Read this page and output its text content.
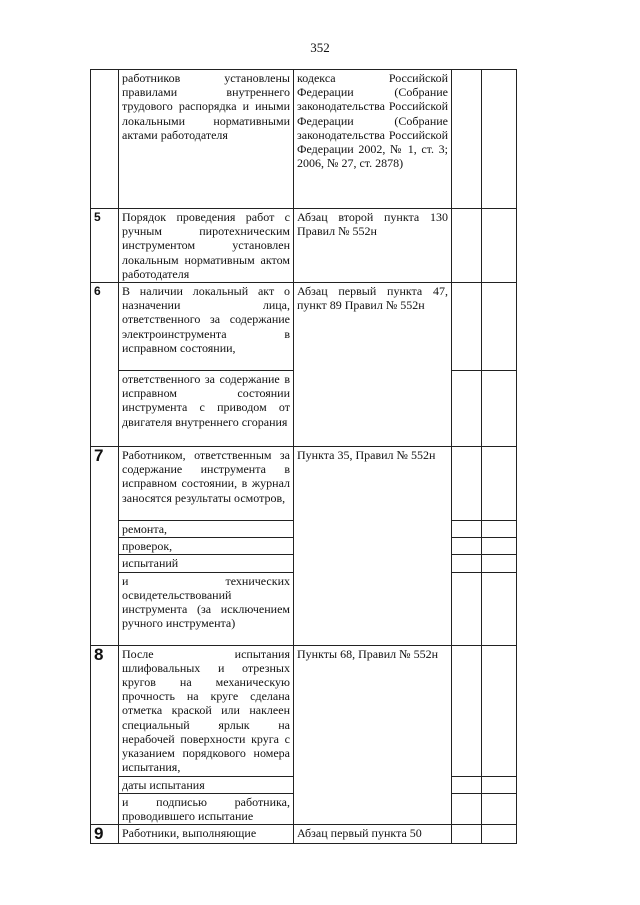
352
	работников установлены правилами внутреннего трудового распорядка и иными локальными нормативными актами работодателя	кодекса Российской Федерации (Собрание законодательства Российской Федерации (Собрание законодательства Российской Федерации 2002, № 1, ст. 3; 2006, № 27, ст. 2878)		
5	Порядок проведения работ с ручным пиротехническим инструментом установлен локальным нормативным актом работодателя	Абзац второй пункта 130 Правил № 552н		
6	В наличии локальный акт о назначении лица, ответственного за содержание электроинструмента в исправном состоянии,	Абзац первый пункта 47, пункт 89 Правил № 552н		
	ответственного за содержание в исправном состоянии инструмента с приводом от двигателя внутреннего сгорания			
7	Работником, ответственным за содержание инструмента в исправном состоянии, в журнал заносятся результаты осмотров,	Пункта 35, Правил № 552н		
	ремонта,			
	проверок,			
	испытаний			
	и технических освидетельствований инструмента (за исключением ручного инструмента)			
8	После испытания шлифовальных и отрезных кругов на механическую прочность на круге сделана отметка краской или наклеен специальный ярлык на нерабочей поверхности круга с указанием порядкового номера испытания,	Пункты 68, Правил № 552н		
	даты испытания			
	и подписью работника, проводившего испытание			
9	Работники, выполняющие	Абзац первый пункта 50		
